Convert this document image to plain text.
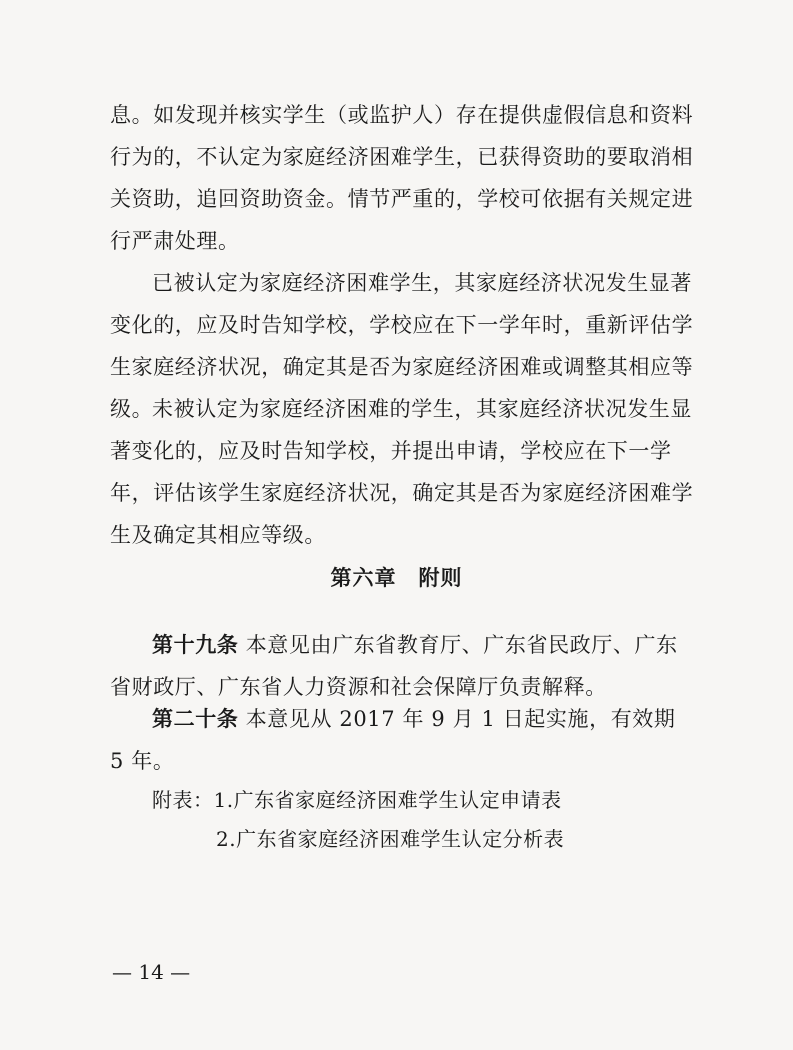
息。如发现并核实学生（或监护人）存在提供虚假信息和资料行为的，不认定为家庭经济困难学生，已获得资助的要取消相关资助，追回资助资金。情节严重的，学校可依据有关规定进行严肃处理。

已被认定为家庭经济困难学生，其家庭经济状况发生显著变化的，应及时告知学校，学校应在下一学年时，重新评估学生家庭经济状况，确定其是否为家庭经济困难或调整其相应等级。

未被认定为家庭经济困难的学生，其家庭经济状况发生显著变化的，应及时告知学校，并提出申请，学校应在下一学年，评估该学生家庭经济状况，确定其是否为家庭经济困难学生及确定其相应等级。

第六章　附则

第十九条 本意见由广东省教育厅、广东省民政厅、广东省财政厅、广东省人力资源和社会保障厅负责解释。

第二十条 本意见从 2017 年 9 月 1 日起实施，有效期 5 年。

附表：1.广东省家庭经济困难学生认定申请表
2.广东省家庭经济困难学生认定分析表
— 14 —
